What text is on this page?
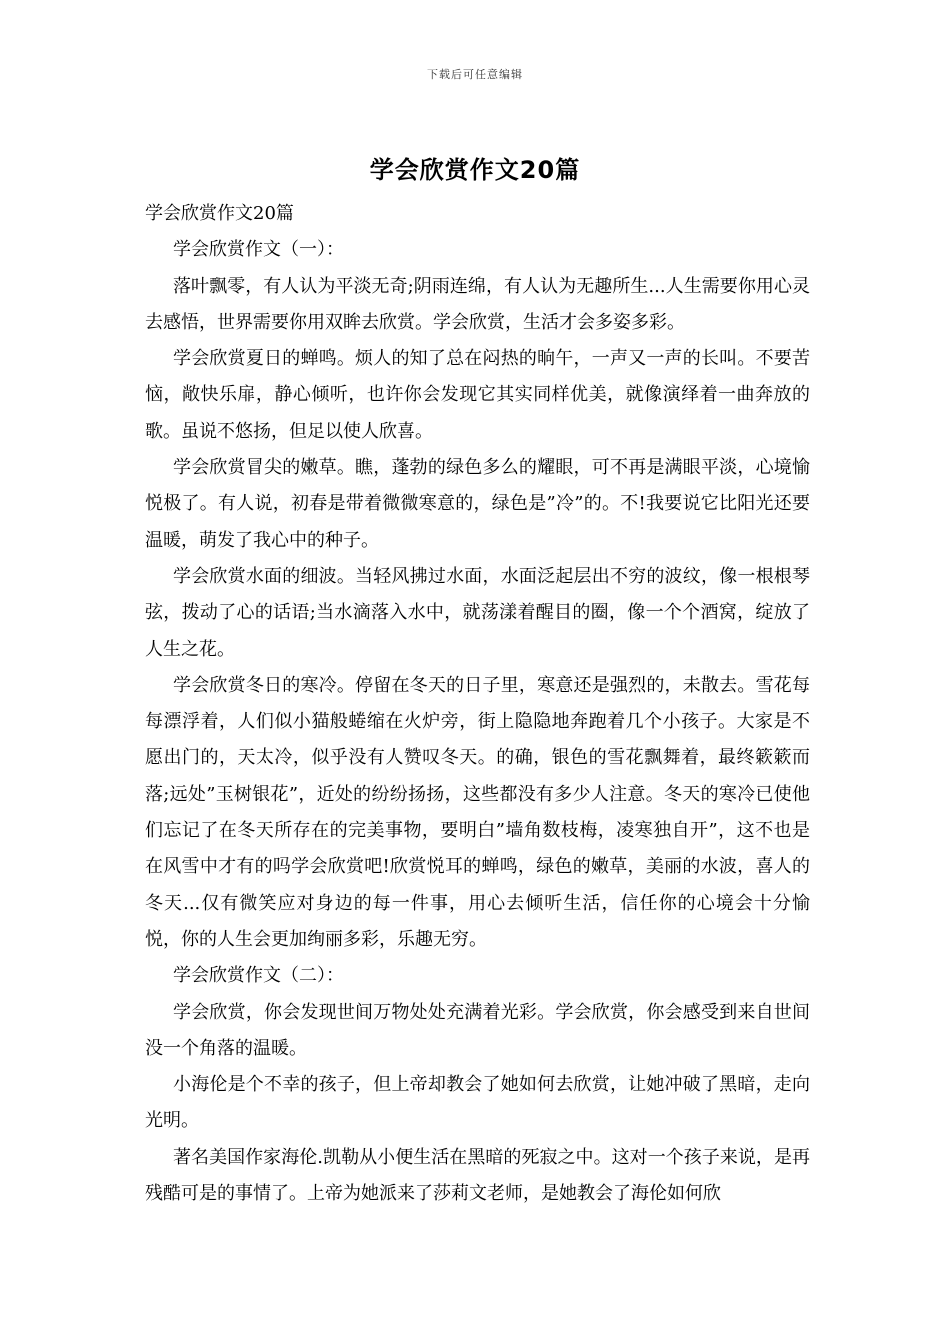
下载后可任意编辑
学会欣赏作文20篇

学会欣赏作文20篇

学会欣赏作文（一）：

落叶飘零，有人认为平淡无奇;阴雨连绵，有人认为无趣所生...人生需要你用心灵去感悟，世界需要你用双眸去欣赏。学会欣赏，生活才会多姿多彩。

学会欣赏夏日的蝉鸣。烦人的知了总在闷热的晌午，一声又一声的长叫。不要苦恼，敞快乐扉，静心倾听，也许你会发现它其实同样优美，就像演绎着一曲奔放的歌。虽说不悠扬，但足以使人欣喜。

学会欣赏冒尖的嫩草。瞧，蓬勃的绿色多么的耀眼，可不再是满眼平淡，心境愉悦极了。有人说，初春是带着微微寒意的，绿色是”冷”的。不!我要说它比阳光还要温暖，萌发了我心中的种子。

学会欣赏水面的细波。当轻风拂过水面，水面泛起层出不穷的波纹，像一根根琴弦，拨动了心的话语;当水滴落入水中，就荡漾着醒目的圈，像一个个酒窝，绽放了人生之花。

学会欣赏冬日的寒冷。停留在冬天的日子里，寒意还是强烈的，未散去。雪花每每漂浮着，人们似小猫般蜷缩在火炉旁，街上隐隐地奔跑着几个小孩子。大家是不愿出门的，天太冷，似乎没有人赞叹冬天。的确，银色的雪花飘舞着，最终簌簌而落;远处”玉树银花”，近处的纷纷扬扬，这些都没有多少人注意。冬天的寒冷已使他们忘记了在冬天所存在的完美事物，要明白”墙角数枝梅，凌寒独自开”，这不也是在风雪中才有的吗学会欣赏吧!欣赏悦耳的蝉鸣，绿色的嫩草，美丽的水波，喜人的冬天...仅有微笑应对身边的每一件事，用心去倾听生活，信任你的心境会十分愉悦，你的人生会更加绚丽多彩，乐趣无穷。

学会欣赏作文（二）：

学会欣赏，你会发现世间万物处处充满着光彩。学会欣赏，你会感受到来自世间没一个角落的温暖。

小海伦是个不幸的孩子，但上帝却教会了她如何去欣赏，让她冲破了黑暗，走向光明。

著名美国作家海伦.凯勒从小便生活在黑暗的死寂之中。这对一个孩子来说，是再残酷可是的事情了。上帝为她派来了莎莉文老师，是她教会了海伦如何欣
